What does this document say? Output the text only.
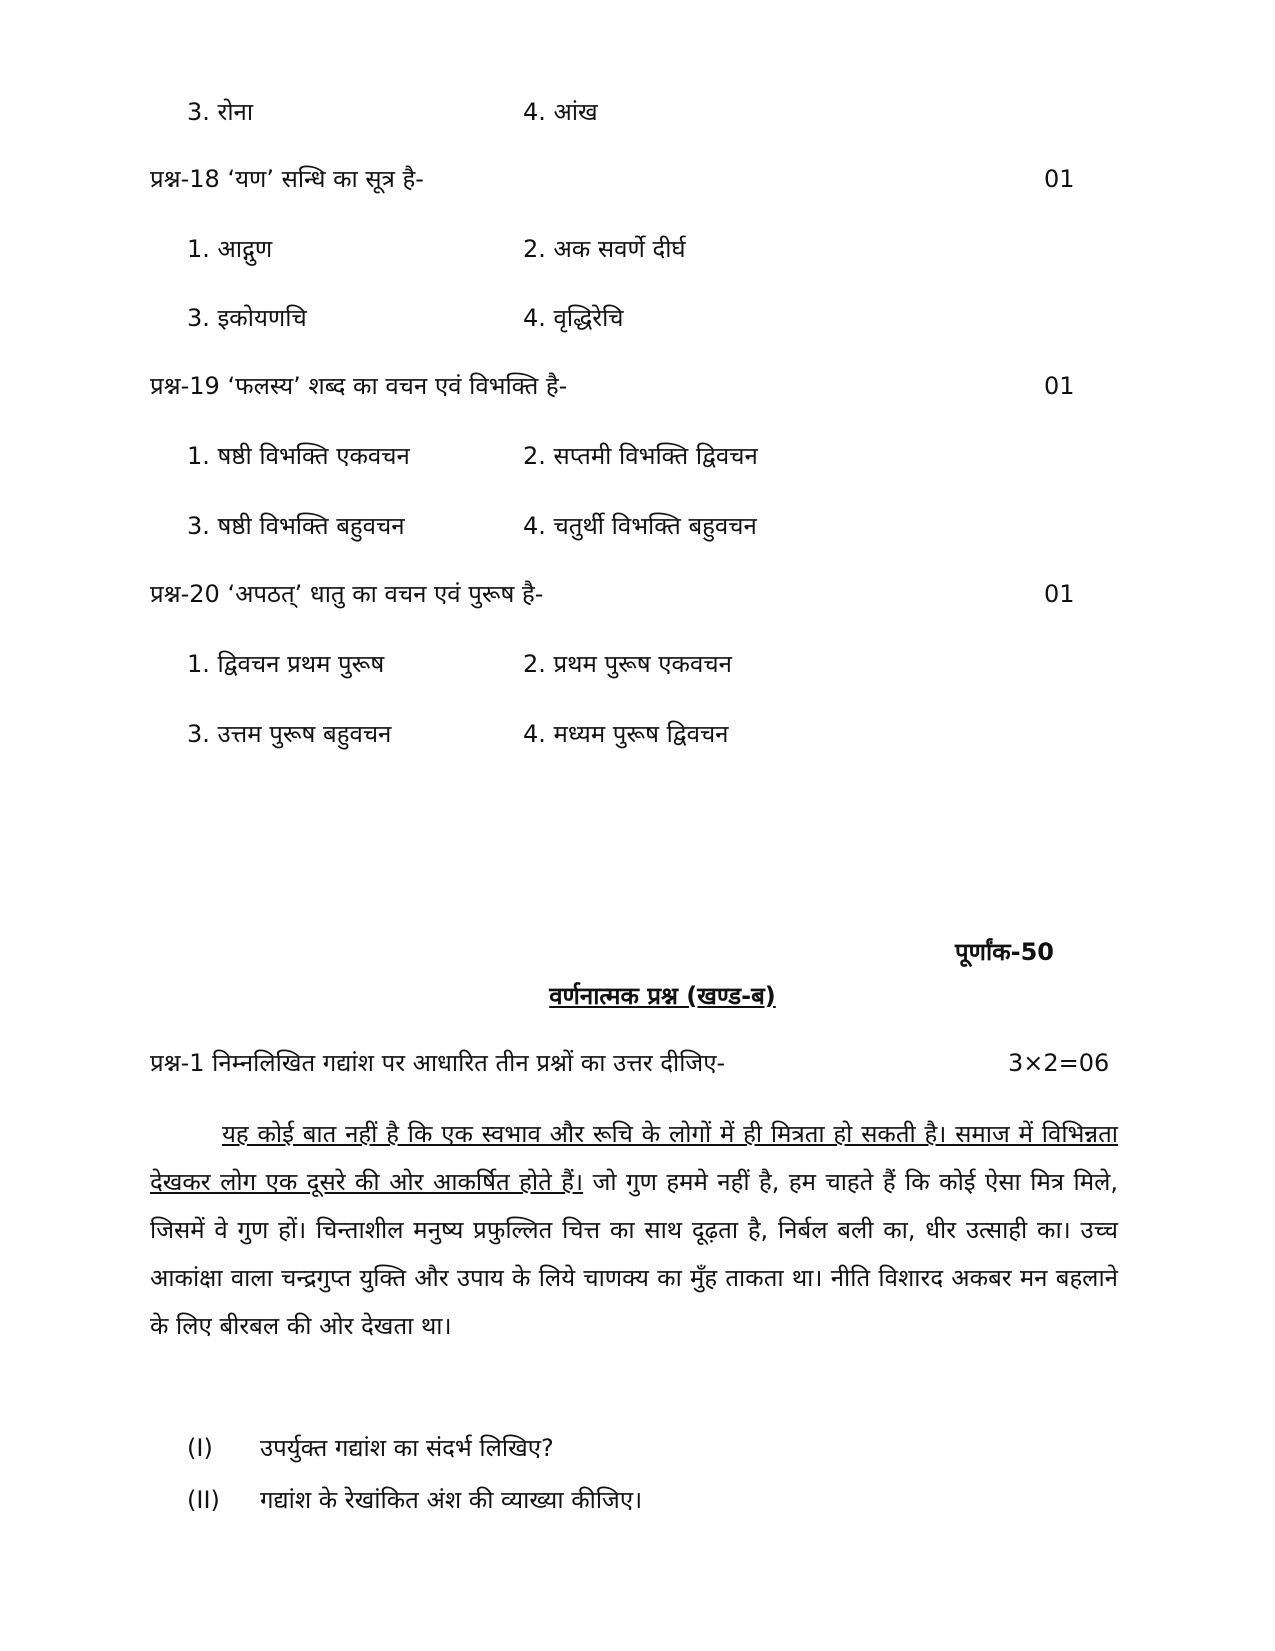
3. रोना	4. आंख
प्रश्न-18 ‘यण’ सन्धि का सूत्र है-	01
1. आद्गुण	2. अक सवर्णे दीर्घ
3. इकोयणचि	4. वृद्धिरेचि
प्रश्न-19 ‘फलस्य’ शब्द का वचन एवं विभक्ति है-	01
1. षष्ठी विभक्ति एकवचन	2. सप्तमी विभक्ति द्विवचन
3. षष्ठी विभक्ति बहुवचन	4. चतुर्थी विभक्ति बहुवचन
प्रश्न-20 ‘अपठत्’ धातु का वचन एवं पुरूष है-	01
1. द्विवचन प्रथम पुरूष	2. प्रथम पुरूष एकवचन
3. उत्तम पुरूष बहुवचन	4. मध्यम पुरूष द्विवचन
पूर्णांक-50
वर्णनात्मक प्रश्न (खण्ड-ब)
प्रश्न-1 निम्नलिखित गद्यांश पर आधारित तीन प्रश्नों का उत्तर दीजिए-	3×2=06
यह कोई बात नहीं है कि एक स्वभाव और रूचि के लोगों में ही मित्रता हो सकती है। समाज में विभिन्नता देखकर लोग एक दूसरे की ओर आकर्षित होते हैं। जो गुण हममे नहीं है, हम चाहते हैं कि कोई ऐसा मित्र मिले, जिसमें वे गुण हों। चिन्ताशील मनुष्य प्रफुल्लित चित्त का साथ दूढ़ता है, निर्बल बली का, धीर उत्साही का। उच्च आकांक्षा वाला चन्द्रगुप्त युक्ति और उपाय के लिये चाणक्य का मुँह ताकता था। नीति विशारद अकबर मन बहलाने के लिए बीरबल की ओर देखता था।
(I) उपर्युक्त गद्यांश का संदर्भ लिखिए?
(II) गद्यांश के रेखांकित अंश की व्याख्या कीजिए।
